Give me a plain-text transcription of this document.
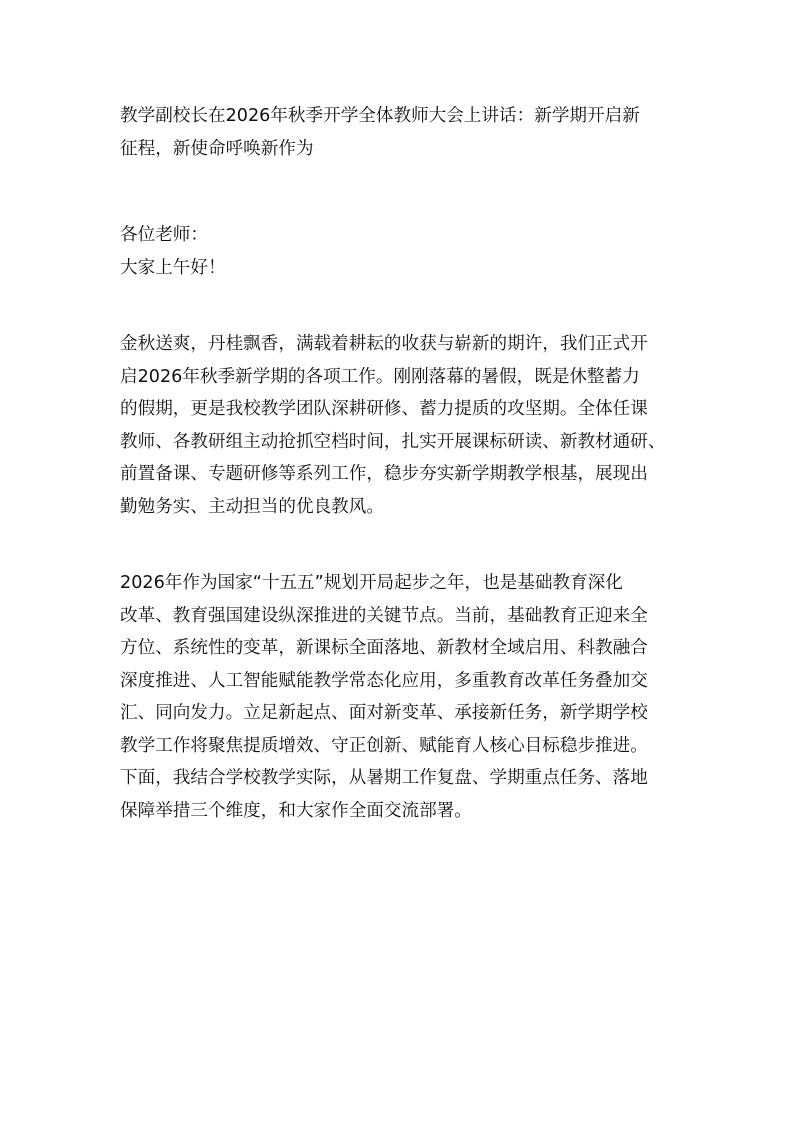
教学副校长在2026年秋季开学全体教师大会上讲话：新学期开启新
征程，新使命呼唤新作为
各位老师：
大家上午好！
金秋送爽，丹桂飘香，满载着耕耘的收获与崭新的期许，我们正式开
启2026年秋季新学期的各项工作。刚刚落幕的暑假，既是休整蓄力
的假期，更是我校教学团队深耕研修、蓄力提质的攻坚期。全体任课
教师、各教研组主动抢抓空档时间，扎实开展课标研读、新教材通研、
前置备课、专题研修等系列工作，稳步夯实新学期教学根基，展现出
勤勉务实、主动担当的优良教风。
2026年作为国家“十五五”规划开局起步之年，也是基础教育深化
改革、教育强国建设纵深推进的关键节点。当前，基础教育正迎来全
方位、系统性的变革，新课标全面落地、新教材全域启用、科教融合
深度推进、人工智能赋能教学常态化应用，多重教育改革任务叠加交
汇、同向发力。立足新起点、面对新变革、承接新任务，新学期学校
教学工作将聚焦提质增效、守正创新、赋能育人核心目标稳步推进。
下面，我结合学校教学实际，从暑期工作复盘、学期重点任务、落地
保障举措三个维度，和大家作全面交流部署。
